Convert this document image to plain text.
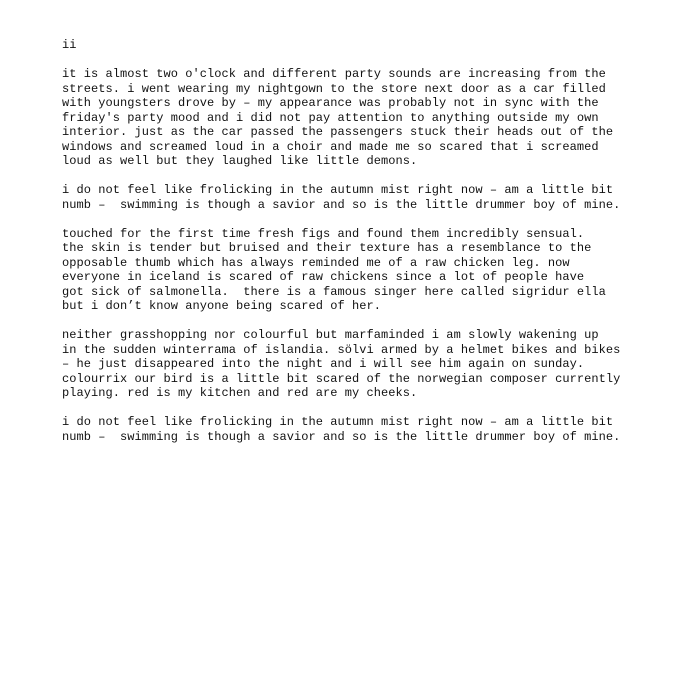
ii
it is almost two o'clock and different party sounds are increasing from the
streets. i went wearing my nightgown to the store next door as a car filled
with youngsters drove by – my appearance was probably not in sync with the
friday's party mood and i did not pay attention to anything outside my own
interior. just as the car passed the passengers stuck their heads out of the
windows and screamed loud in a choir and made me so scared that i screamed
loud as well but they laughed like little demons.
i do not feel like frolicking in the autumn mist right now – am a little bit
numb –  swimming is though a savior and so is the little drummer boy of mine.
touched for the first time fresh figs and found them incredibly sensual.
the skin is tender but bruised and their texture has a resemblance to the
opposable thumb which has always reminded me of a raw chicken leg. now
everyone in iceland is scared of raw chickens since a lot of people have
got sick of salmonella.  there is a famous singer here called sigridur ella
but i don’t know anyone being scared of her.
neither grasshopping nor colourful but marfaminded i am slowly wakening up
in the sudden winterrama of islandia. sölvi armed by a helmet bikes and bikes
– he just disappeared into the night and i will see him again on sunday.
colourrix our bird is a little bit scared of the norwegian composer currently
playing. red is my kitchen and red are my cheeks.
i do not feel like frolicking in the autumn mist right now – am a little bit
numb –  swimming is though a savior and so is the little drummer boy of mine.
